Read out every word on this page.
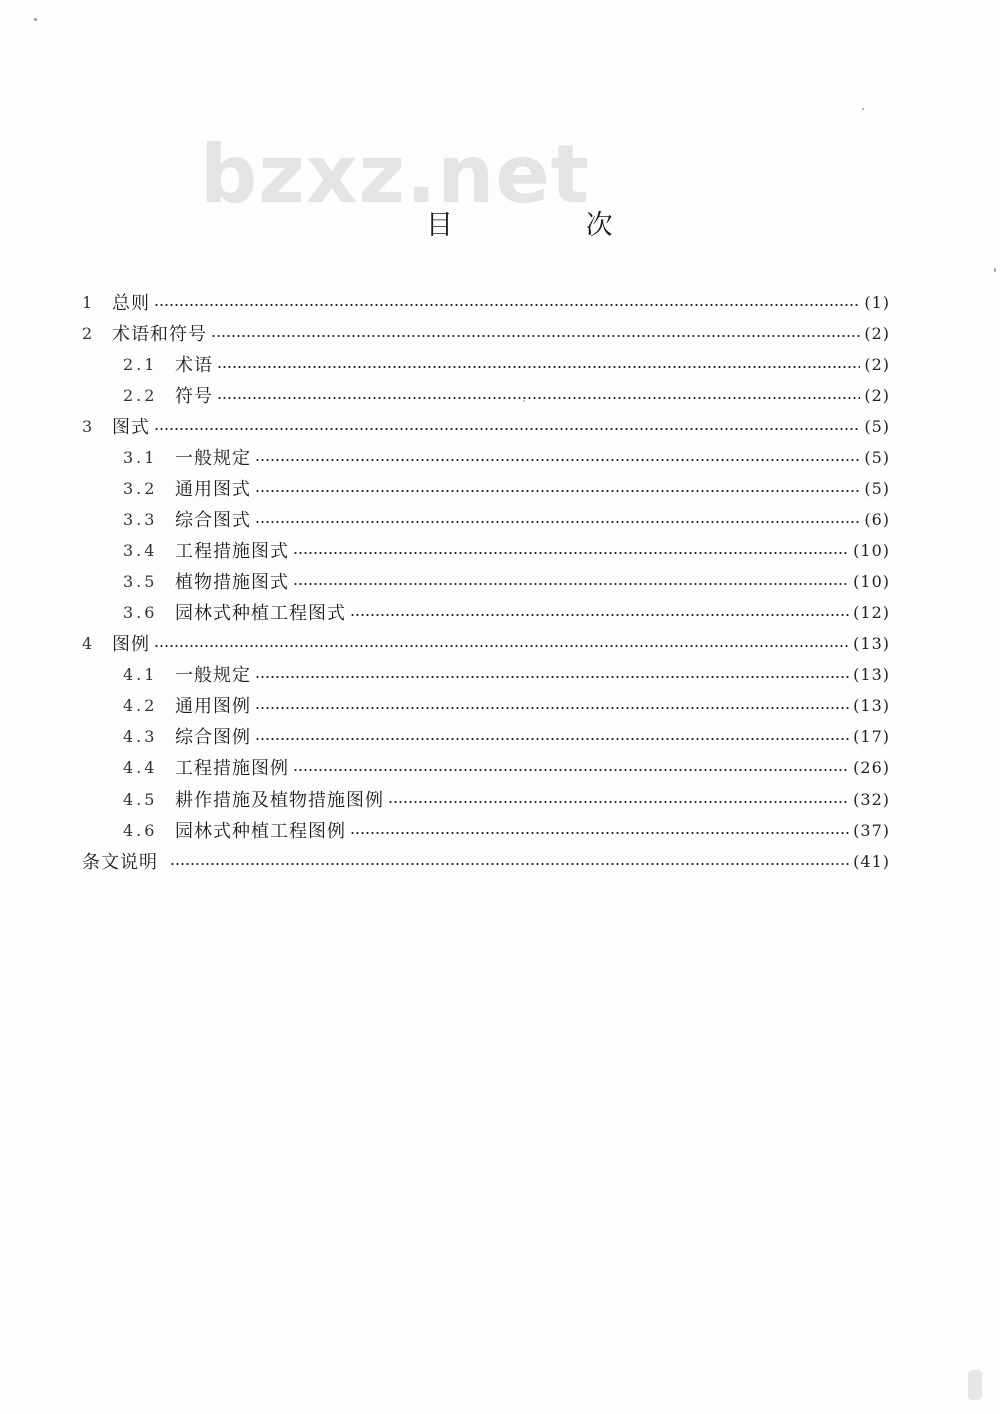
bzxz.net
目 次
1 总则	(1)
2 术语和符号	(2)
2.1 术语	(2)
2.2 符号	(2)
3 图式	(5)
3.1 一般规定	(5)
3.2 通用图式	(5)
3.3 综合图式	(6)
3.4 工程措施图式	(10)
3.5 植物措施图式	(10)
3.6 园林式种植工程图式	(12)
4 图例	(13)
4.1 一般规定	(13)
4.2 通用图例	(13)
4.3 综合图例	(17)
4.4 工程措施图例	(26)
4.5 耕作措施及植物措施图例	(32)
4.6 园林式种植工程图例	(37)
条文说明	(41)
